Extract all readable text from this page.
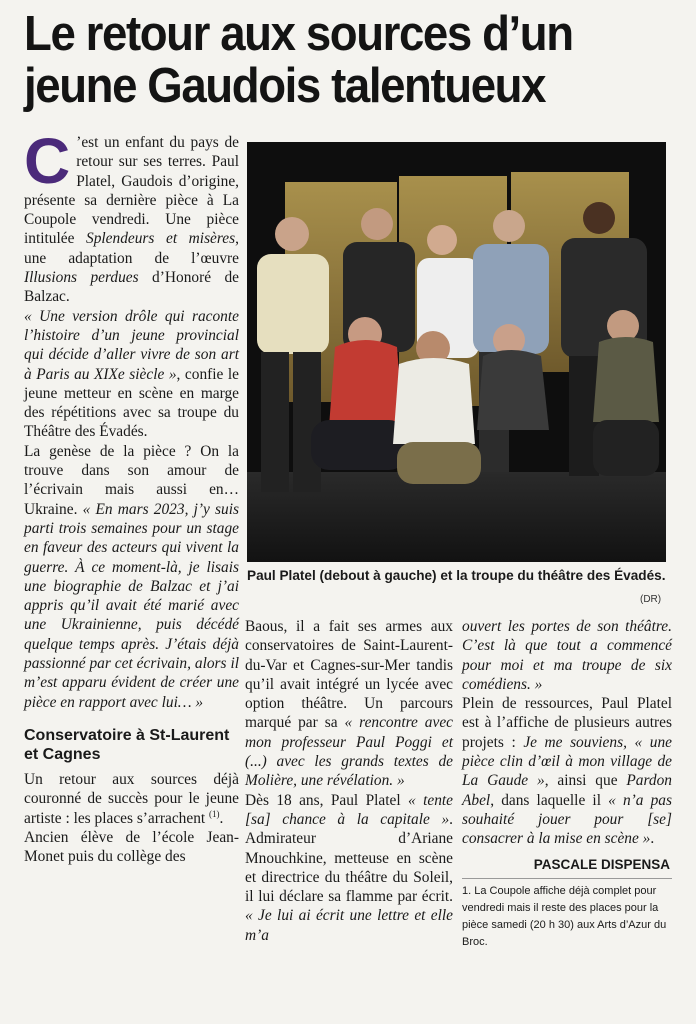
Le retour aux sources d’un jeune Gaudois talentueux

C ’est un enfant du pays de retour sur ses terres. Paul Platel, Gaudois d’origine, présente sa dernière pièce à La Coupole vendredi. Une pièce intitulée Splendeurs et misères, une adaptation de l’œuvre Illusions perdues d’Honoré de Balzac.

« Une version drôle qui raconte l’histoire d’un jeune provincial qui décide d’aller vivre de son art à Paris au XIXe siècle », confie le jeune metteur en scène en marge des répétitions avec sa troupe du Théâtre des Évadés.

La genèse de la pièce ? On la trouve dans son amour de l’écrivain mais aussi en… Ukraine. « En mars 2023, j’y suis parti trois semaines pour un stage en faveur des acteurs qui vivent la guerre. À ce moment-là, je lisais une biographie de Balzac et j’ai appris qu’il avait été marié avec une Ukrainienne, puis décédé quelque temps après. J’étais déjà passionné par cet écrivain, alors il m’est apparu évident de créer une pièce en rapport avec lui… »

Conservatoire à St-Laurent et Cagnes

Un retour aux sources déjà couronné de succès pour le jeune artiste : les places s’arrachent $^{(1)}$.

Ancien élève de l’école Jean-Monet puis du collège des

Paul Platel (debout à gauche) et la troupe du théâtre des Évadés.
(DR)

Baous, il a fait ses armes aux conservatoires de Saint-Laurent-du-Var et Cagnes-sur-Mer tandis qu’il avait intégré un lycée avec option théâtre. Un parcours marqué par sa « rencontre avec mon professeur Paul Poggi et (...) avec les grands textes de Molière, une révélation. »

Dès 18 ans, Paul Platel « tente [sa] chance à la capitale ». Admirateur d’Ariane Mnouchkine, metteuse en scène et directrice du théâtre du Soleil, il lui déclare sa flamme par écrit. « Je lui ai écrit une lettre et elle m’a

ouvert les portes de son théâtre. C’est là que tout a commencé pour moi et ma troupe de six comédiens. »

Plein de ressources, Paul Platel est à l’affiche de plusieurs autres projets : Je me souviens, « une pièce clin d’œil à mon village de La Gaude », ainsi que Pardon Abel, dans laquelle il « n’a pas souhaité jouer pour [se] consacrer à la mise en scène ».

PASCALE DISPENSA
1. La Coupole affiche déjà complet pour vendredi mais il reste des places pour la pièce samedi (20 h 30) aux Arts d’Azur du Broc.
